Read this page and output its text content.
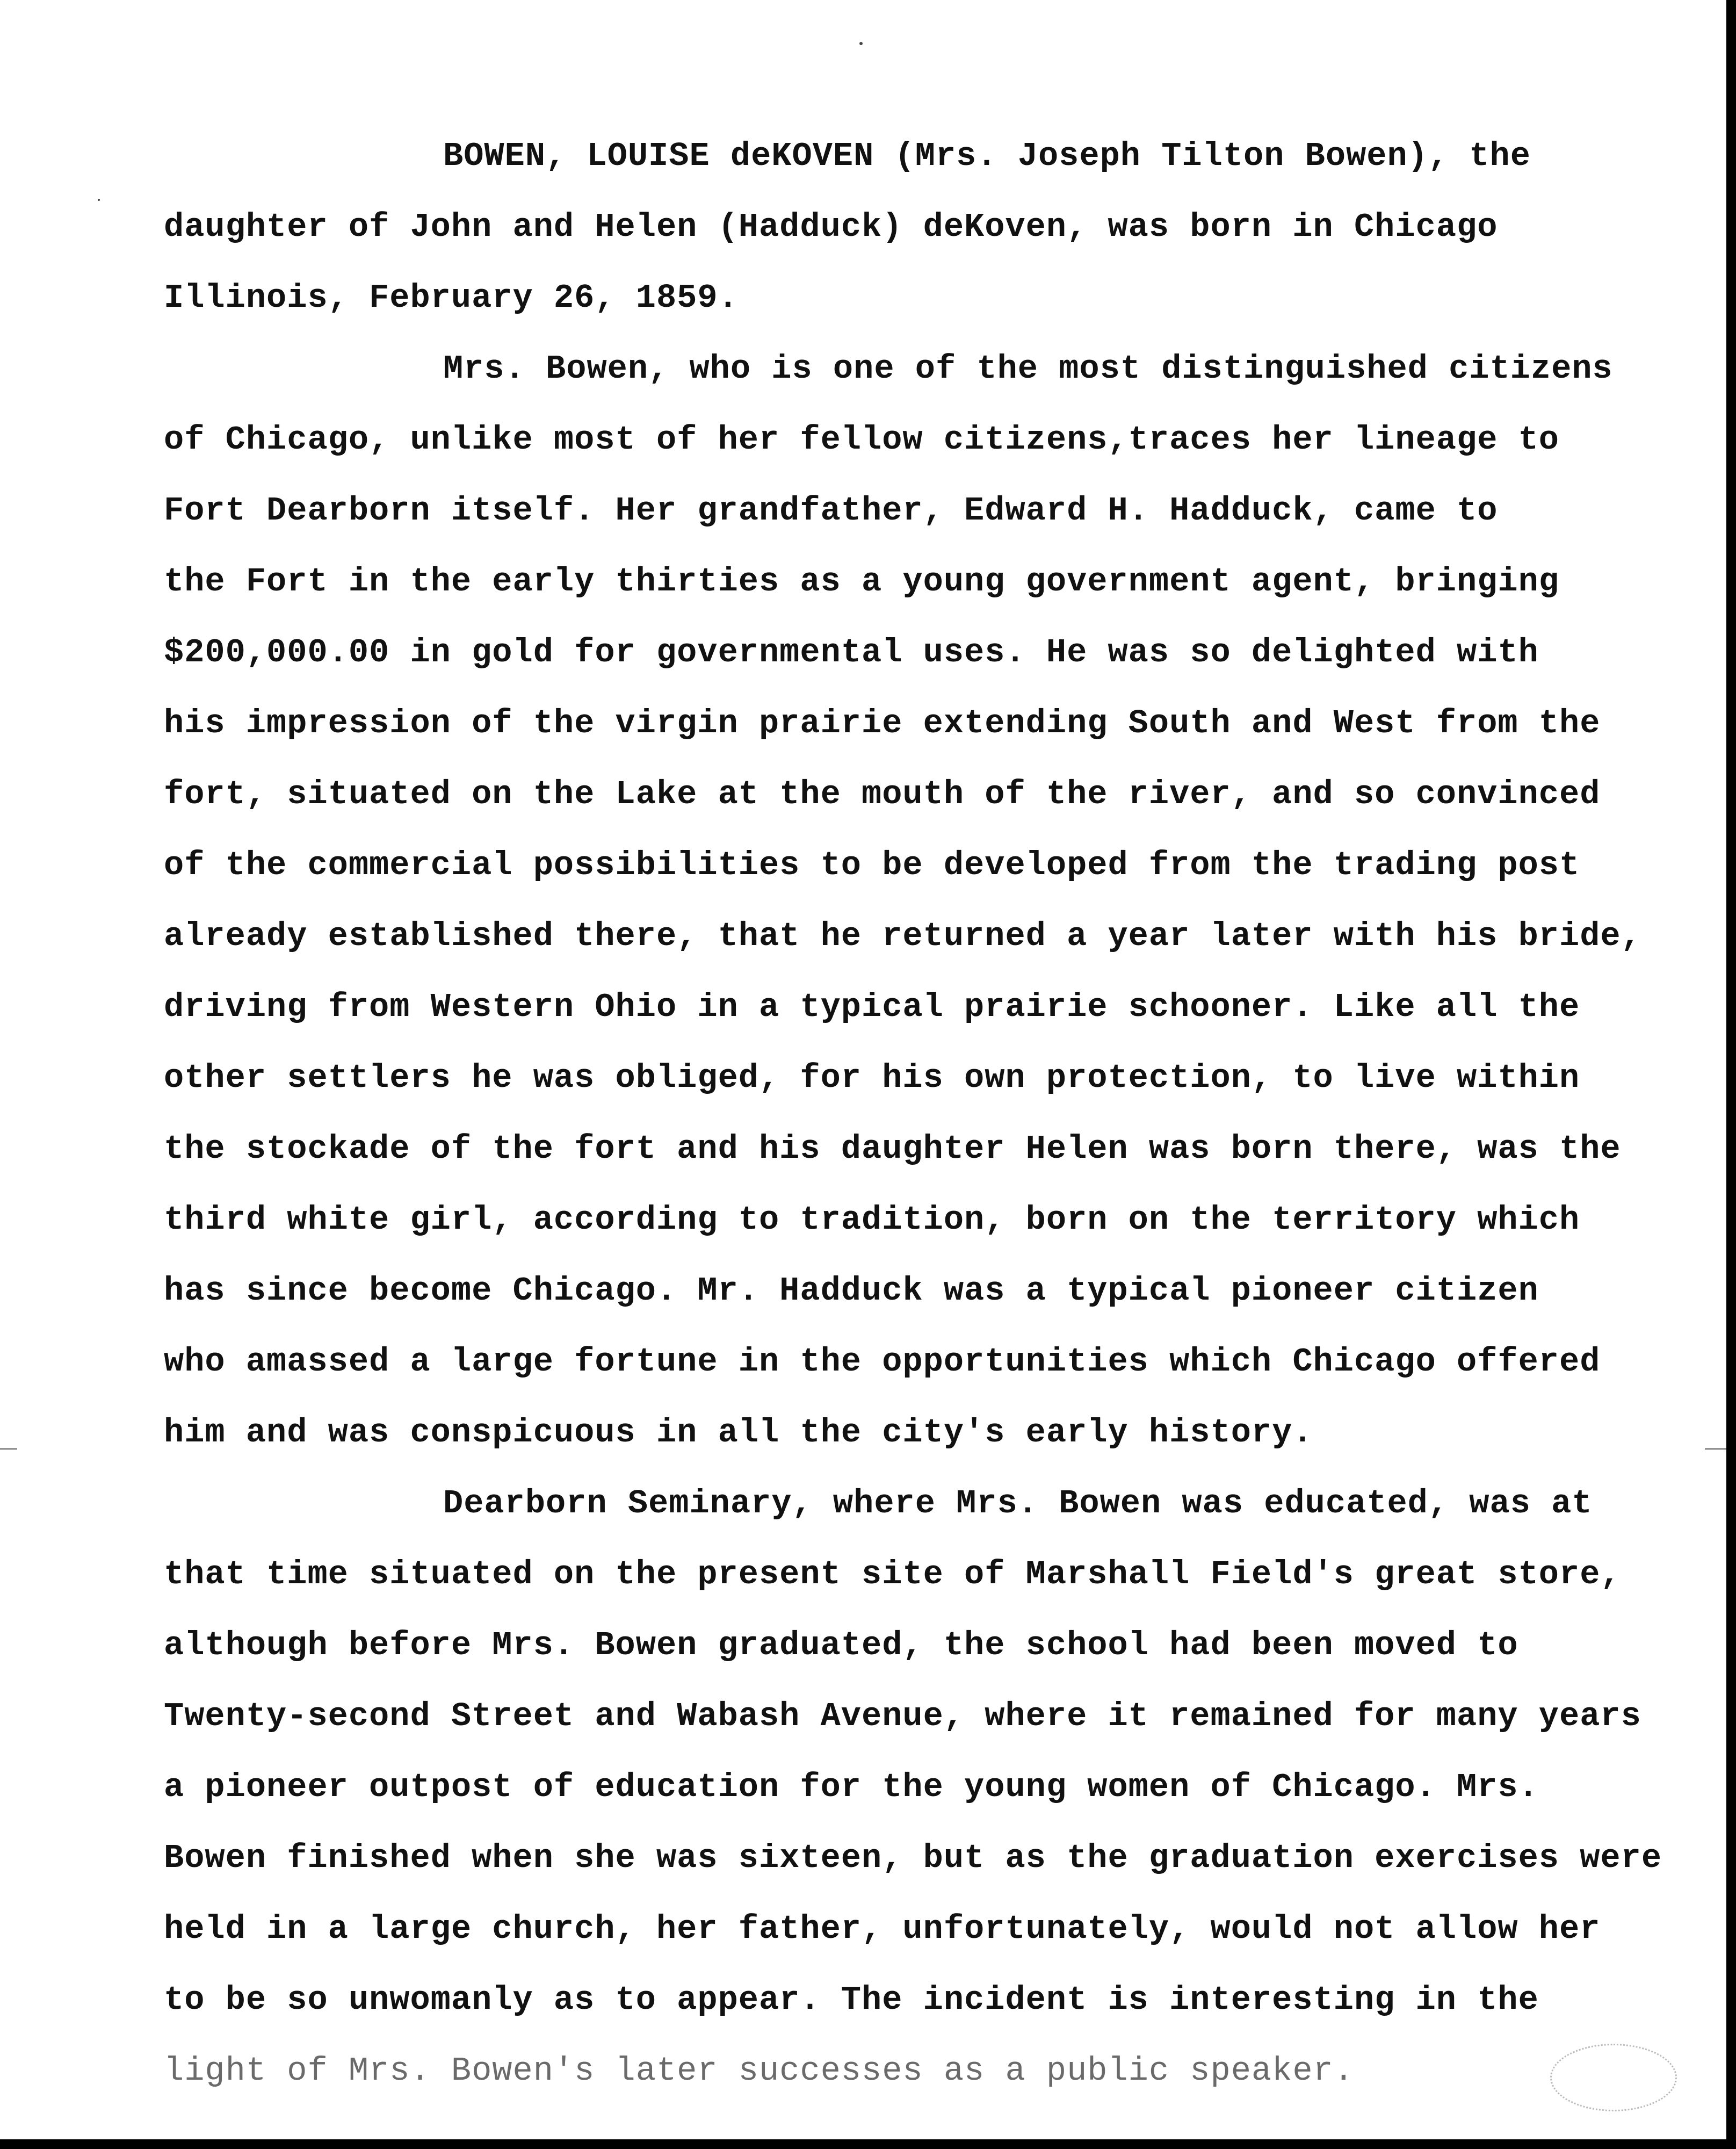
BOWEN, LOUISE deKOVEN (Mrs. Joseph Tilton Bowen), the
daughter of John and Helen (Hadduck) deKoven, was born in Chicago
Illinois, February 26, 1859.
Mrs. Bowen, who is one of the most distinguished citizens
of Chicago, unlike most of her fellow citizens,traces her lineage to
Fort Dearborn itself. Her grandfather, Edward H. Hadduck, came to
the Fort in the early thirties as a young government agent, bringing
$200,000.00 in gold for governmental uses. He was so delighted with
his impression of the virgin prairie extending South and West from the
fort, situated on the Lake at the mouth of the river, and so convinced
of the commercial possibilities to be developed from the trading post
already established there, that he returned a year later with his bride,
driving from Western Ohio in a typical prairie schooner. Like all the
other settlers he was obliged, for his own protection, to live within
the stockade of the fort and his daughter Helen was born there, was the
third white girl, according to tradition, born on the territory which
has since become Chicago. Mr. Hadduck was a typical pioneer citizen
who amassed a large fortune in the opportunities which Chicago offered
him and was conspicuous in all the city's early history.
Dearborn Seminary, where Mrs. Bowen was educated, was at
that time situated on the present site of Marshall Field's great store,
although before Mrs. Bowen graduated, the school had been moved to
Twenty-second Street and Wabash Avenue, where it remained for many years
a pioneer outpost of education for the young women of Chicago. Mrs.
Bowen finished when she was sixteen, but as the graduation exercises were
held in a large church, her father, unfortunately, would not allow her
to be so unwomanly as to appear. The incident is interesting in the
light of Mrs. Bowen's later successes as a public speaker.
